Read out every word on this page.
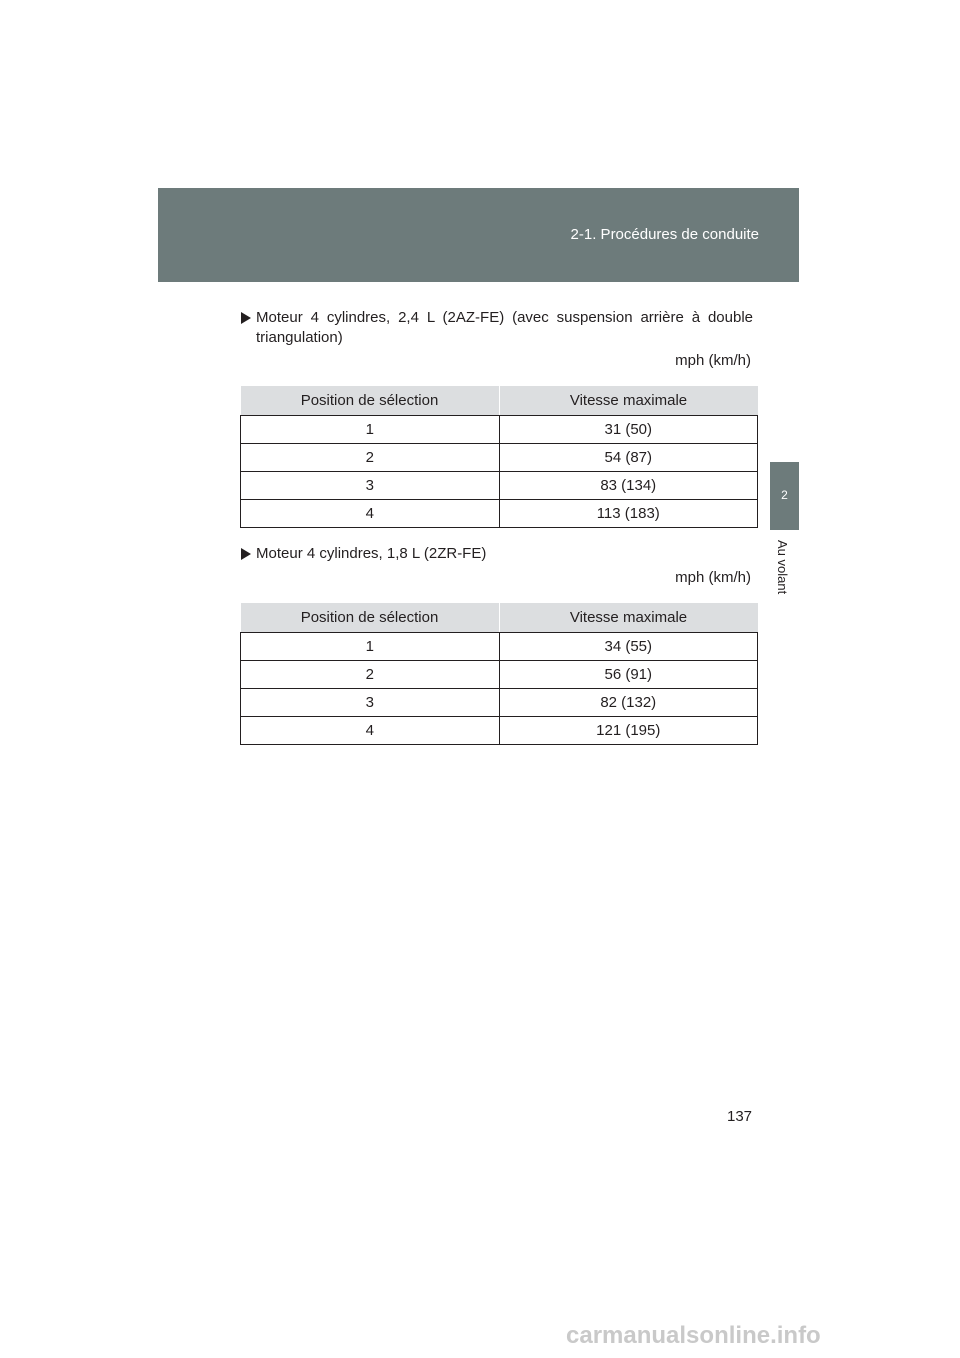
2-1. Procédures de conduite
2
Au volant
Moteur 4 cylindres, 2,4 L (2AZ-FE) (avec suspension arrière à double
triangulation)
mph (km/h)
Position de sélection	Vitesse maximale
1	31 (50)
2	54 (87)
3	83 (134)
4	113 (183)
Moteur 4 cylindres, 1,8 L (2ZR-FE)
mph (km/h)
Position de sélection	Vitesse maximale
1	34 (55)
2	56 (91)
3	82 (132)
4	121 (195)
137
carmanualsonline.info
